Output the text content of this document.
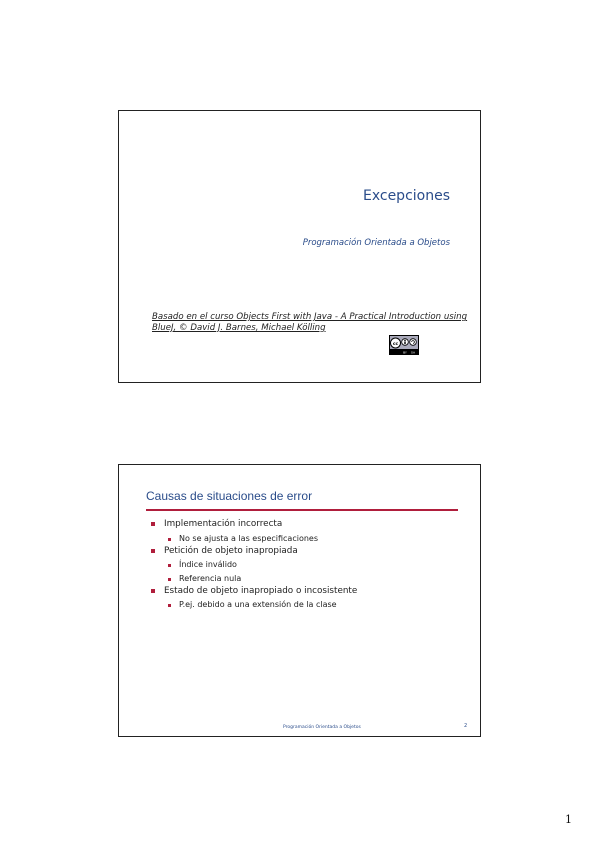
Excepciones
Programación Orientada a Objetos
Basado en el curso Objects First with Java - A Practical Introduction using BlueJ, © David J. Barnes, Michael Kölling
cc
BY SA
Causas de situaciones de error
Implementación incorrecta
No se ajusta a las especificaciones
Petición de objeto inapropiada
Índice inválido
Referencia nula
Estado de objeto inapropiado o incosistente
P.ej. debido a una extensión de la clase
Programación Orientada a Objetos	2
1
